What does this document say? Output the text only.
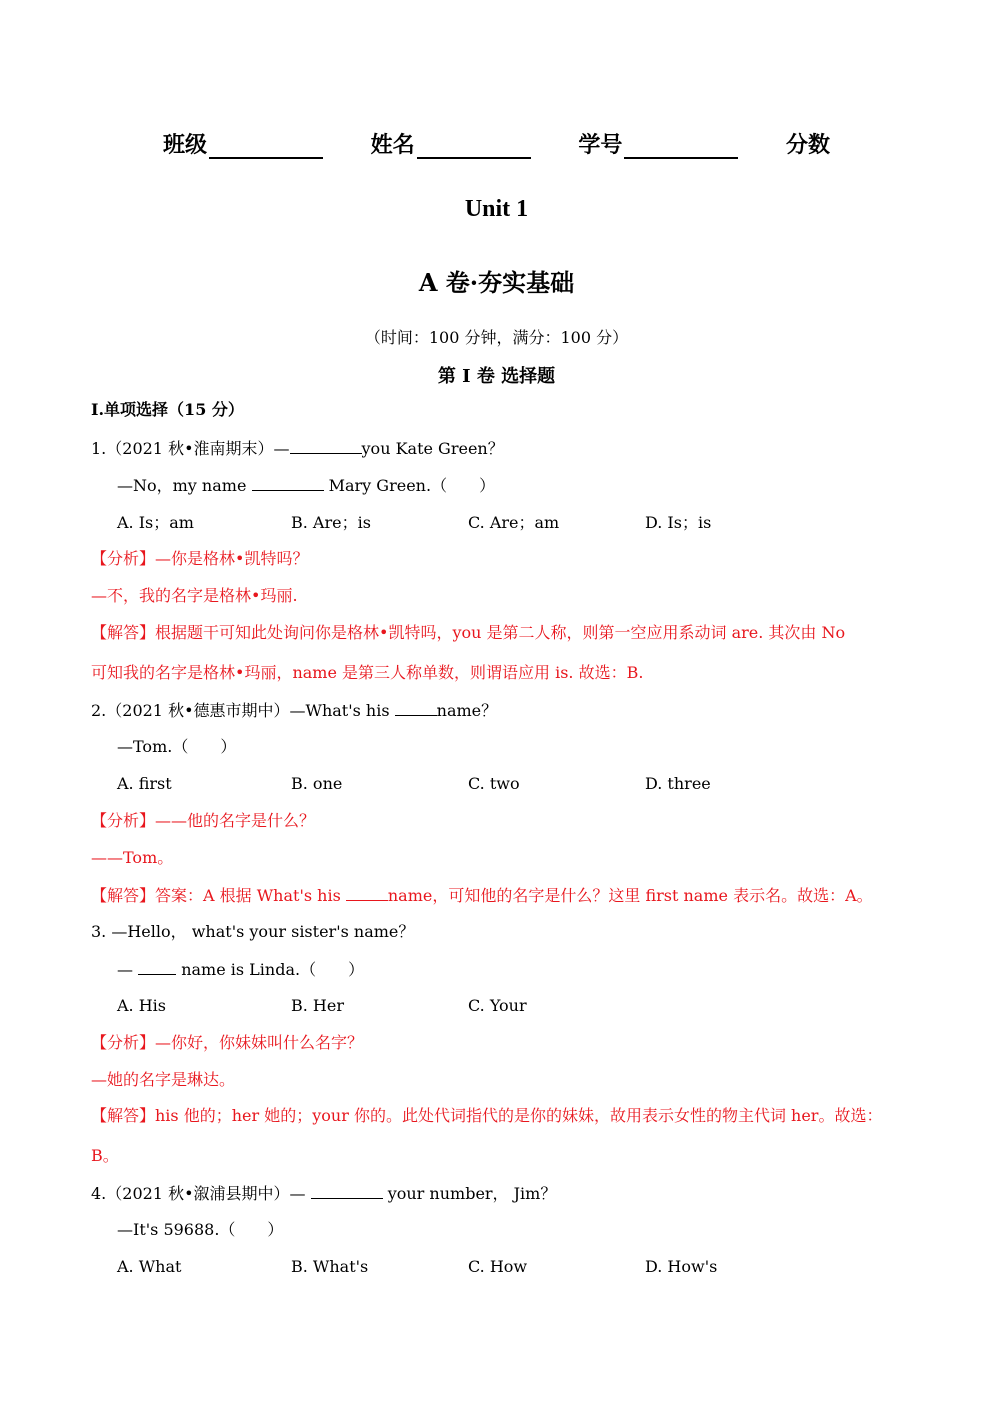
班级	姓名	学号	分数
Unit 1
A 卷·夯实基础
（时间：100 分钟，满分：100 分）
第 I 卷 选择题
I.单项选择（15 分）
1.（2021 秋•淮南期末）—	you Kate Green？
—No，my name	Mary Green.（　　）
A. Is；am	B. Are；is	C. Are；am	D. Is；is
【分析】—你是格林•凯特吗？
—不，我的名字是格林•玛丽.
【解答】根据题干可知此处询问你是格林•凯特吗，you 是第二人称，则第一空应用系动词 are. 其次由 No
可知我的名字是格林•玛丽，name 是第三人称单数，则谓语应用 is. 故选：B.
2.（2021 秋•德惠市期中）—What's his	name？
—Tom.（　　）
A. first	B. one	C. two	D. three
【分析】——他的名字是什么？
——Tom。
【解答】答案：A 根据 What's his	name，可知他的名字是什么？这里 first name 表示名。故选：A。
3. —Hello， what's your sister's name？
—	name is Linda.（　　）
A. His	B. Her	C. Your
【分析】—你好，你妹妹叫什么名字？
—她的名字是琳达。
【解答】his 他的；her 她的；your 你的。此处代词指代的是你的妹妹，故用表示女性的物主代词 her。故选：
B。
4.（2021 秋•溆浦县期中）—	your number， Jim？
—It's 59688.（　　）
A. What	B. What's	C. How	D. How's
